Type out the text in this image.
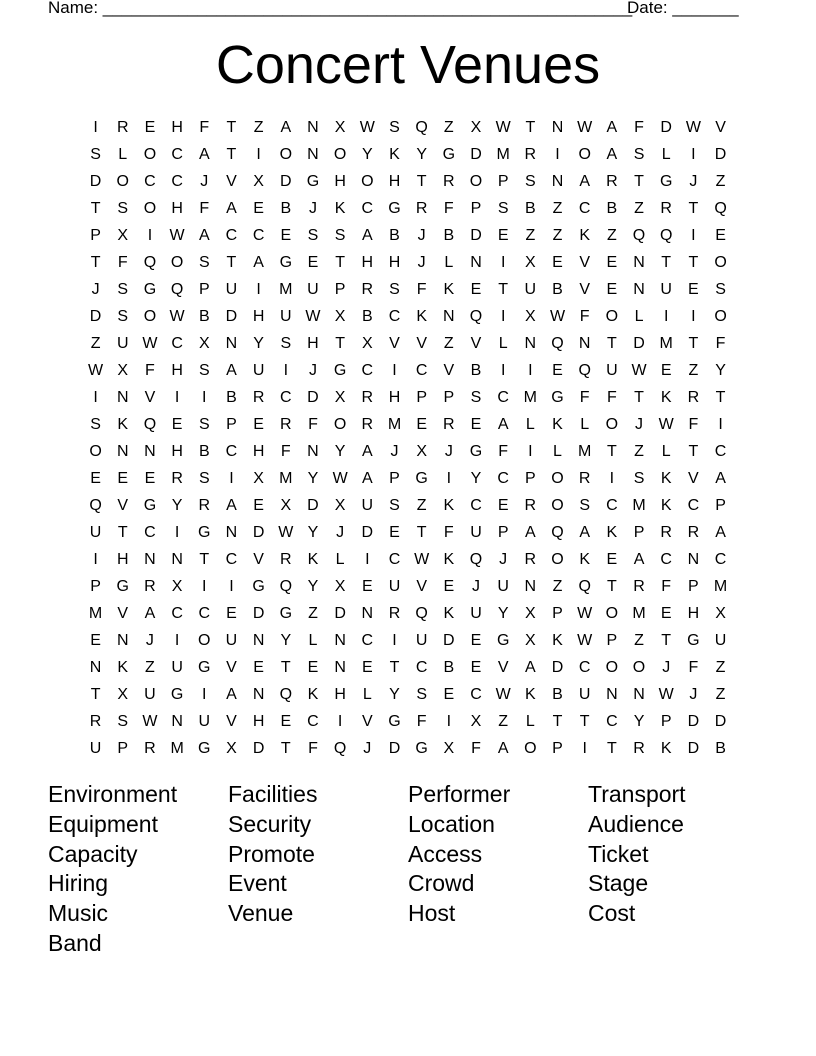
Name: ________________________________________________________
Date: _______
Concert Venues
I	R	E	H	F	T	Z	A	N	X W S Q	Z	X W T	N W A	F	D W V
S	L	O C	A	T	I	O N O Y	K	Y G D M R	I	O A	S	L	I	D
D O C C	J	V	X	D G H O H	T	R O P	S	N	A	R	T	G	J	Z
T	S O H	F	A	E	B	J	K	C G R	F	P	S	B	Z	C	B	Z	R	T	Q
P	X	I	W A	C C	E	S	S	A	B	J	B	D	E	Z	Z	K	Z	Q Q	I	E
T	F	Q O S	T	A G E	T	H H	J	L	N	I	X	E	V	E	N	T	T	O
J	S G Q P	U	I	M U	P	R	S	F	K	E	T	U	B	V	E	N U	E	S
D	S O W B	D H U W X	B	C	K	N Q	I	X W F	O	L	I	I	O
Z	U W C	X	N	Y	S	H	T	X	V	V	Z	V	L	N Q N	T	D M T	F
W X	F	H	S	A	U	I	J	G C	I	C	V	B	I	I	E Q U W E	Z	Y
I	N	V	I	I	B	R C D	X	R H	P	P	S	C M G	F	F	T	K	R	T
S	K Q E	S	P	E	R	F	O R M E	R	E	A	L	K	L	O	J W F	I
O N N H	B	C H	F	N	Y	A	J	X	J	G	F	I	L	M T	Z	L	T	C
E	E	E	R	S	I	X M Y W A	P G	I	Y	C	P O R	I	S	K	V	A
Q V G Y	R	A	E	X	D	X	U	S	Z	K	C	E	R O S	C M K	C	P
U	T	C	I	G N D W Y	J	D	E	T	F	U	P	A Q A	K	P	R R	A
I	H N N	T	C	V	R	K	L	I	C W K Q	J	R O K	E	A	C N C
P G R	X	I	I	G Q Y	X	E	U	V	E	J	U N	Z	Q	T	R	F	P M
M V	A	C C	E	D G	Z	D N R Q K	U	Y	X	P W O M E	H	X
E	N	J	I	O U N	Y	L	N C	I	U D	E G X	K W P	Z	T	G U
N	K	Z	U G V	E	T	E	N	E	T	C	B	E	V	A	D C O O	J	F	Z
T	X	U G	I	A	N Q K	H	L	Y	S	E	C W K	B	U N N W J	Z
R	S W N U	V	H	E	C	I	V G	F	I	X	Z	L	T	T	C	Y	P	D D
U	P	R M G X	D	T	F	Q	J	D G X	F	A O P	I	T	R	K	D	B
Environment	Facilities	Performer	Transport
Equipment	Security	Location	Audience
Capacity	Promote	Access	Ticket
Hiring	Event	Crowd	Stage
Music	Venue	Host	Cost
Band
